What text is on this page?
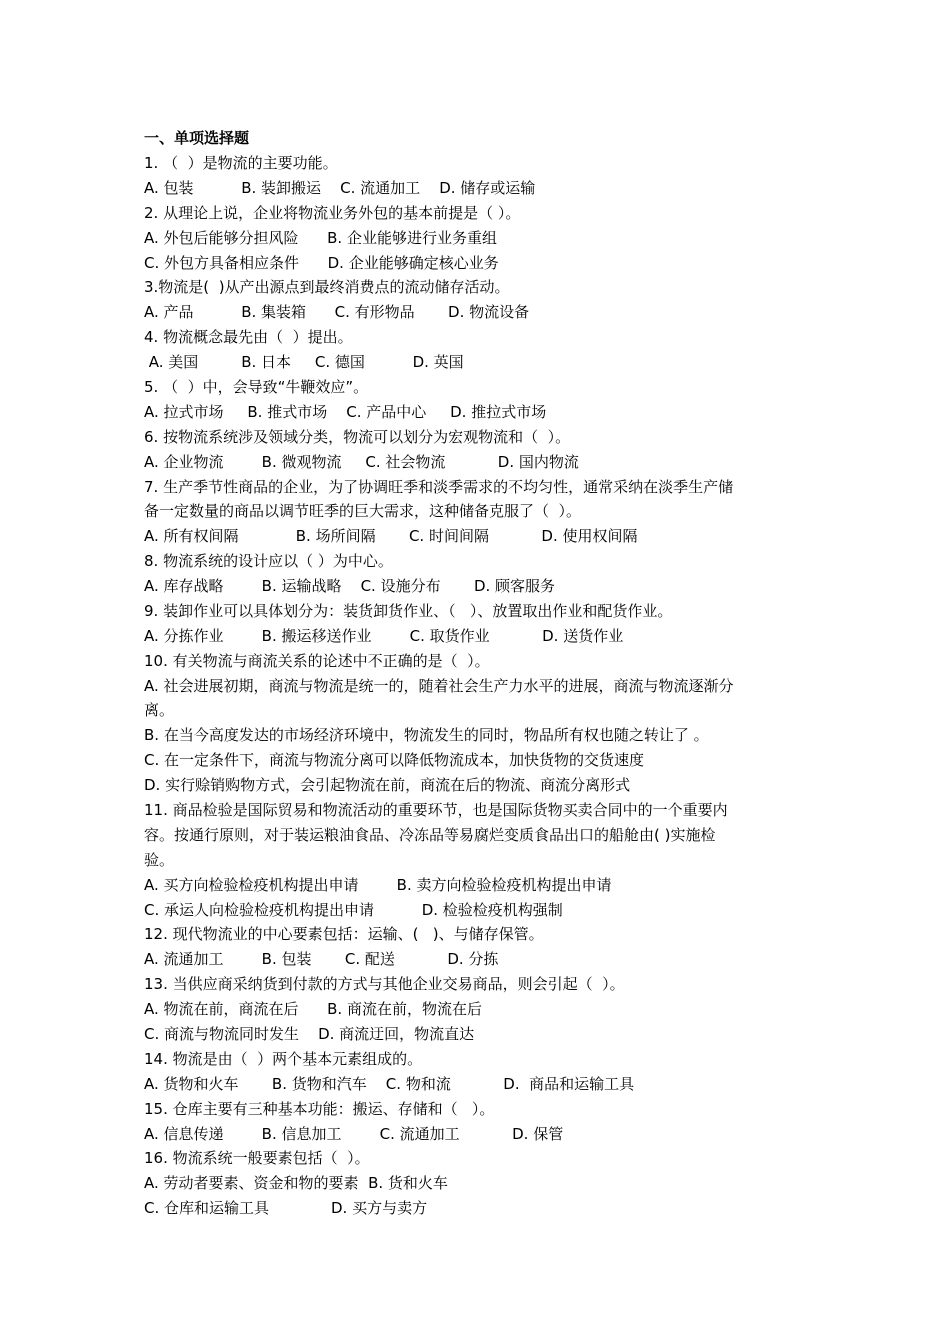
一、单项选择题
1. （  ）是物流的主要功能。
A. 包装          B. 装卸搬运    C. 流通加工    D. 储存或运输
2. 从理论上说，企业将物流业务外包的基本前提是（ ）。
A. 外包后能够分担风险      B. 企业能够进行业务重组
C. 外包方具备相应条件      D. 企业能够确定核心业务
3.物流是(  )从产出源点到最终消费点的流动储存活动。
A. 产品          B. 集装箱      C. 有形物品       D. 物流设备
4. 物流概念最先由（  ）提出。
A. 美国         B. 日本     C. 德国          D. 英国
5. （  ）中，会导致“牛鞭效应”。
A. 拉式市场     B. 推式市场    C. 产品中心     D. 推拉式市场
6. 按物流系统涉及领域分类，物流可以划分为宏观物流和（  ）。
A. 企业物流        B. 微观物流     C. 社会物流           D. 国内物流
7. 生产季节性商品的企业，为了协调旺季和淡季需求的不均匀性，通常采纳在淡季生产储
备一定数量的商品以调节旺季的巨大需求，这种储备克服了（  ）。
A. 所有权间隔            B. 场所间隔       C. 时间间隔           D. 使用权间隔
8. 物流系统的设计应以（ ）为中心。
A. 库存战略        B. 运输战略    C. 设施分布       D. 顾客服务
9. 装卸作业可以具体划分为：装货卸货作业、（   ）、放置取出作业和配货作业。
A. 分拣作业        B. 搬运移送作业        C. 取货作业           D. 送货作业
10. 有关物流与商流关系的论述中不正确的是（  ）。
A. 社会进展初期，商流与物流是统一的，随着社会生产力水平的进展，商流与物流逐渐分
离。
B. 在当今高度发达的市场经济环境中，物流发生的同时，物品所有权也随之转让了 。
C. 在一定条件下，商流与物流分离可以降低物流成本，加快货物的交货速度
D. 实行赊销购物方式，会引起物流在前，商流在后的物流、商流分离形式
11. 商品检验是国际贸易和物流活动的重要环节，也是国际货物买卖合同中的一个重要内
容。按通行原则，对于装运粮油食品、冷冻品等易腐烂变质食品出口的船舱由( )实施检
验。
A. 买方向检验检疫机构提出申请        B. 卖方向检验检疫机构提出申请
C. 承运人向检验检疫机构提出申请          D. 检验检疫机构强制
12. 现代物流业的中心要素包括：运输、(   )、与储存保管。
A. 流通加工        B. 包装       C. 配送           D. 分拣
13. 当供应商采纳货到付款的方式与其他企业交易商品，则会引起（  ）。
A. 物流在前，商流在后      B. 商流在前，物流在后
C. 商流与物流同时发生    D. 商流迂回，物流直达
14. 物流是由（  ）两个基本元素组成的。
A. 货物和火车       B. 货物和汽车    C. 物和流           D.  商品和运输工具
15. 仓库主要有三种基本功能：搬运、存储和（   ）。
A. 信息传递        B. 信息加工        C. 流通加工           D. 保管
16. 物流系统一般要素包括（  ）。
A. 劳动者要素、资金和物的要素  B. 货和火车
C. 仓库和运输工具             D. 买方与卖方
